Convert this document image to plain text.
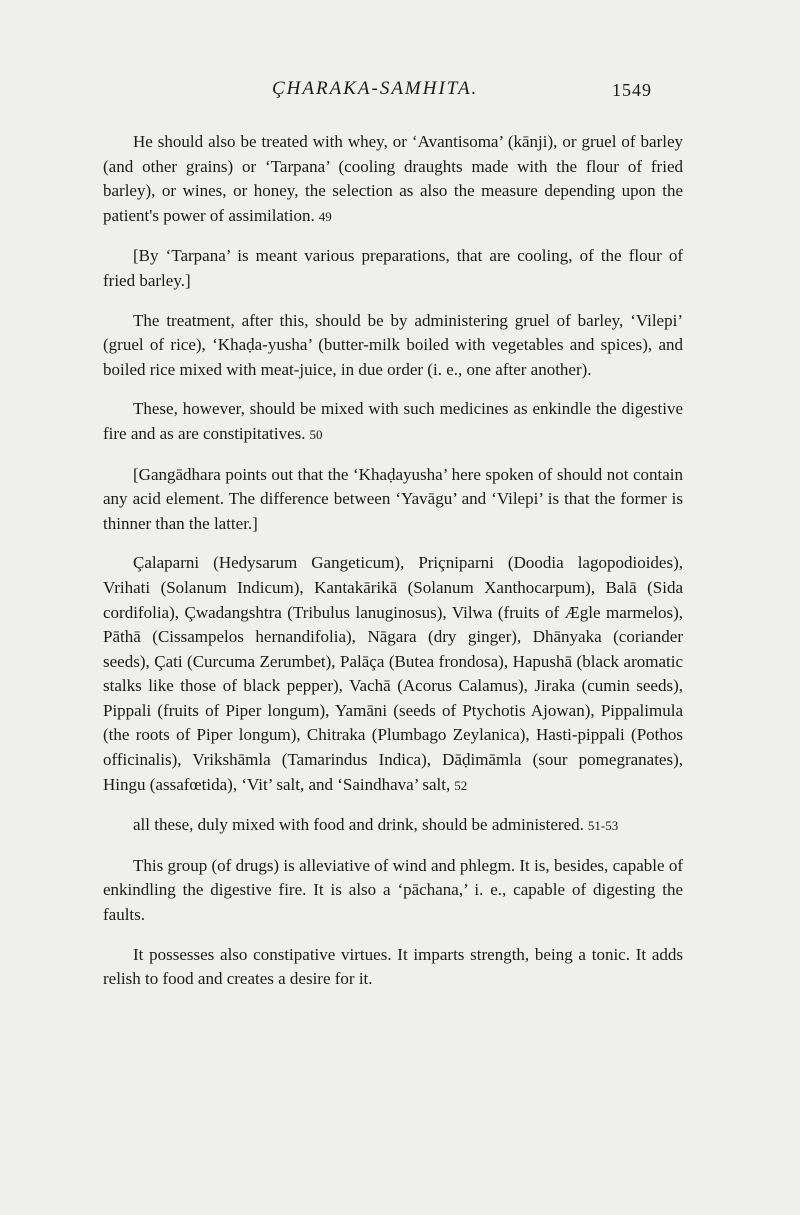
ÇHARAKA-SAMHITA.	1549

He should also be treated with whey, or ‘Avantisoma’ (kānji), or gruel of barley (and other grains) or ‘Tarpana’ (cooling draughts made with the flour of fried barley), or wines, or honey, the selection as also the measure depending upon the patient's power of assimilation. 49

[By ‘Tarpana’ is meant various preparations, that are cooling, of the flour of fried barley.]

The treatment, after this, should be by administering gruel of barley, ‘Vilepi’ (gruel of rice), ‘Khaḍa-yusha’ (butter-milk boiled with vegetables and spices), and boiled rice mixed with meat-juice, in due order (i. e., one after another).

These, however, should be mixed with such medicines as enkindle the digestive fire and as are constipitatives. 50

[Gangādhara points out that the ‘Khaḍayusha’ here spoken of should not contain any acid element. The difference between ‘Yavāgu’ and ‘Vilepi’ is that the former is thinner than the latter.]

Çalaparni (Hedysarum Gangeticum), Priçniparni (Doodia lagopodioides), Vrihati (Solanum Indicum), Kantakārikā (Solanum Xanthocarpum), Balā (Sida cordifolia), Çwadangshtra (Tribulus lanuginosus), Vilwa (fruits of Ægle marmelos), Pāthā (Cissampelos hernandifolia), Nāgara (dry ginger), Dhānyaka (coriander seeds), Çati (Curcuma Zerumbet), Palāça (Butea frondosa), Hapushā (black aromatic stalks like those of black pepper), Vachā (Acorus Calamus), Jiraka (cumin seeds), Pippali (fruits of Piper longum), Yamāni (seeds of Ptychotis Ajowan), Pippalimula (the roots of Piper longum), Chitraka (Plumbago Zeylanica), Hasti-pippali (Pothos officinalis), Vrikshāmla (Tamarindus Indica), Dāḍimāmla (sour pomegranates), Hingu (assafœtida), ‘Vit’ salt, and ‘Saindhava’ salt, 52

all these, duly mixed with food and drink, should be administered. 51-53

This group (of drugs) is alleviative of wind and phlegm. It is, besides, capable of enkindling the digestive fire. It is also a ‘pāchana,’ i. e., capable of digesting the faults.

It possesses also constipative virtues. It imparts strength, being a tonic. It adds relish to food and creates a desire for it.
